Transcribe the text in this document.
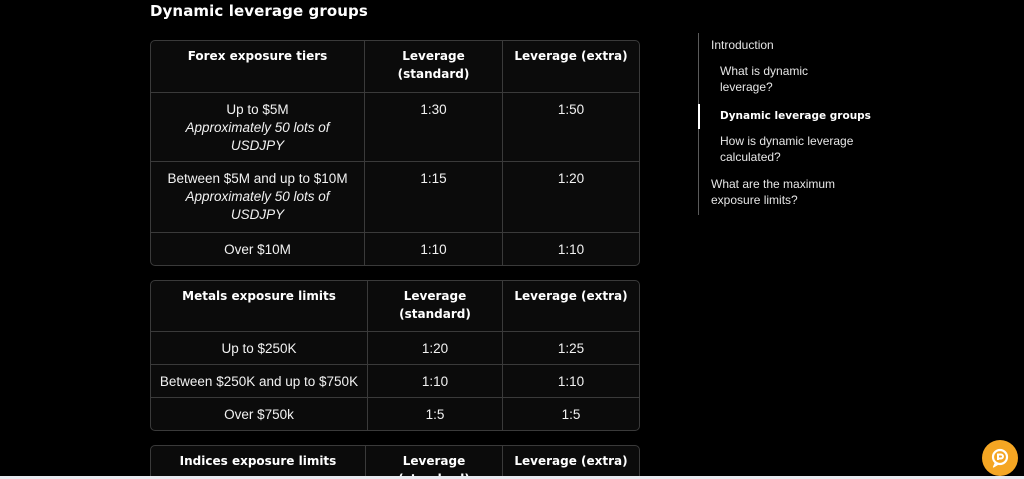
Dynamic leverage groups
Forex exposure tiers	Leverage (standard)	Leverage (extra)
Up to $5M
Approximately 50 lots of USDJPY	1:30	1:50
Between $5M and up to $10M
Approximately 50 lots of USDJPY	1:15	1:20
Over $10M	1:10	1:10
Metals exposure limits	Leverage (standard)	Leverage (extra)
Up to $250K	1:20	1:25
Between $250K and up to $750K	1:10	1:10
Over $750k	1:5	1:5
Indices exposure limits	Leverage	Leverage (extra)
Introduction
What is dynamic leverage?
Dynamic leverage groups
How is dynamic leverage calculated?
What are the maximum exposure limits?
